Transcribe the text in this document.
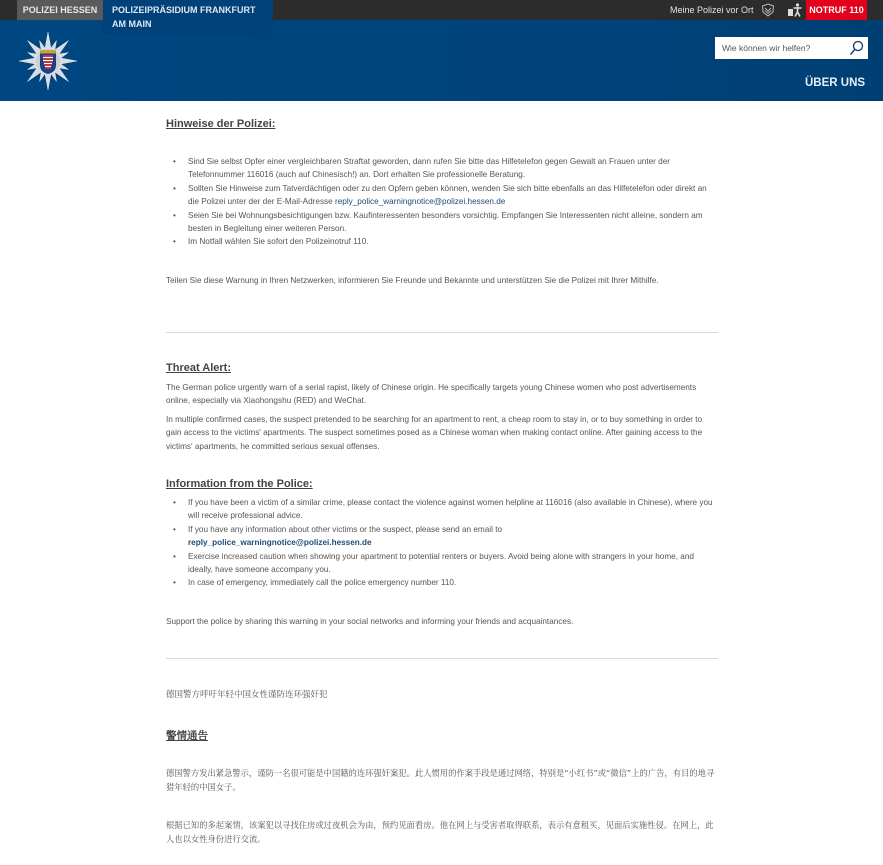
POLIZEI HESSEN	Meine Polizei vor Ort	NOTRUF 110
Wie können wir helfen?
ÜBER UNS
POLIZEIPRÄSIDIUM FRANKFURT AM MAIN
Hinweise der Polizei:
• Sind Sie selbst Opfer einer vergleichbaren Straftat geworden, dann rufen Sie bitte das Hilfetelefon gegen Gewalt an Frauen unter der Telefonnummer 116016 (auch auf Chinesisch!) an. Dort erhalten Sie professionelle Beratung.
• Sollten Sie Hinweise zum Tatverdächtigen oder zu den Opfern geben können, wenden Sie sich bitte ebenfalls an das Hilfetelefon oder direkt an die Polizei unter der der E-Mail-Adresse reply_police_warningnotice@polizei.hessen.de
• Seien Sie bei Wohnungsbesichtigungen bzw. Kaufinteressenten besonders vorsichtig. Empfangen Sie Interessenten nicht alleine, sondern am besten in Begleitung einer weiteren Person.
• Im Notfall wählen Sie sofort den Polizeinotruf 110.
Teilen Sie diese Warnung in Ihren Netzwerken, informieren Sie Freunde und Bekannte und unterstützen Sie die Polizei mit Ihrer Mithilfe.
Threat Alert:
The German police urgently warn of a serial rapist, likely of Chinese origin. He specifically targets young Chinese women who post advertisements online, especially via Xiaohongshu (RED) and WeChat.
In multiple confirmed cases, the suspect pretended to be searching for an apartment to rent, a cheap room to stay in, or to buy something in order to gain access to the victims' apartments. The suspect sometimes posed as a Chinese woman when making contact online. After gaining access to the victims' apartments, he committed serious sexual offenses.
Information from the Police:
• If you have been a victim of a similar crime, please contact the violence against women helpline at 116016 (also available in Chinese), where you will receive professional advice.
• If you have any information about other victims or the suspect, please send an email to
reply_police_warningnotice@polizei.hessen.de
• Exercise increased caution when showing your apartment to potential renters or buyers. Avoid being alone with strangers in your home, and ideally, have someone accompany you.
• In case of emergency, immediately call the police emergency number 110.
Support the police by sharing this warning in your social networks and informing your friends and acquaintances.
德国警方呼吁年轻中国女性谨防连环强奸犯
警情通告
德国警方发出紧急警示，谨防一名很可能是中国籍的连环强奸案犯。此人惯用的作案手段是通过网络，特别是“小红书”或“微信”上的广告，有目的地寻猎年轻的中国女子。
根据已知的多起案情，该案犯以寻找住房或过夜机会为由，预约见面看房。他在网上与受害者取得联系，表示有意租买，见面后实施性侵。在网上，此人也以女性身份进行交流。
